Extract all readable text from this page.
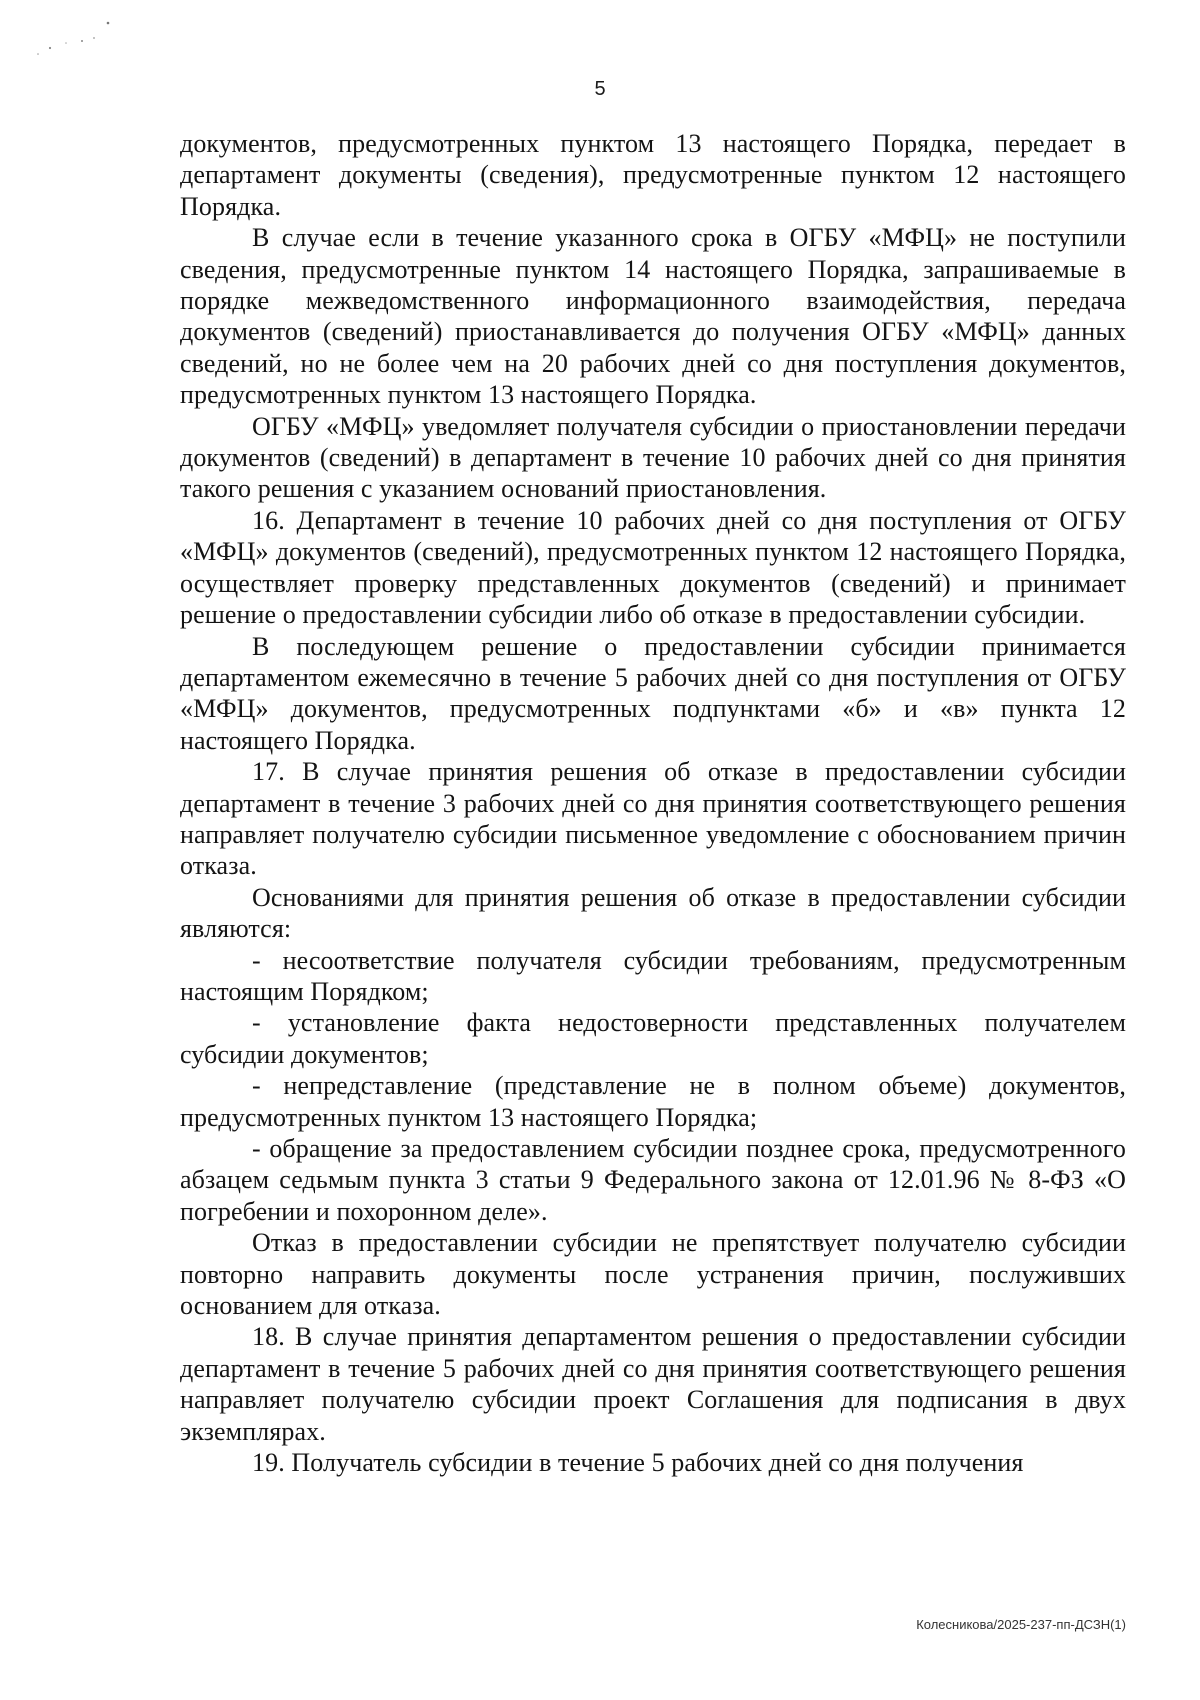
5

документов, предусмотренных пунктом 13 настоящего Порядка, передает в департамент документы (сведения), предусмотренные пунктом 12 настоящего Порядка.

В случае если в течение указанного срока в ОГБУ «МФЦ» не поступили сведения, предусмотренные пунктом 14 настоящего Порядка, запрашиваемые в порядке межведомственного информационного взаимодействия, передача документов (сведений) приостанавливается до получения ОГБУ «МФЦ» данных сведений, но не более чем на 20 рабочих дней со дня поступления документов, предусмотренных пунктом 13 настоящего Порядка.

ОГБУ «МФЦ» уведомляет получателя субсидии о приостановлении передачи документов (сведений) в департамент в течение 10 рабочих дней со дня принятия такого решения с указанием оснований приостановления.

16. Департамент в течение 10 рабочих дней со дня поступления от ОГБУ «МФЦ» документов (сведений), предусмотренных пунктом 12 настоящего Порядка, осуществляет проверку представленных документов (сведений) и принимает решение о предоставлении субсидии либо об отказе в предоставлении субсидии.

В последующем решение о предоставлении субсидии принимается департаментом ежемесячно в течение 5 рабочих дней со дня поступления от ОГБУ «МФЦ» документов, предусмотренных подпунктами «б» и «в» пункта 12 настоящего Порядка.

17. В случае принятия решения об отказе в предоставлении субсидии департамент в течение 3 рабочих дней со дня принятия соответствующего решения направляет получателю субсидии письменное уведомление с обоснованием причин отказа.

Основаниями для принятия решения об отказе в предоставлении субсидии являются:

- несоответствие получателя субсидии требованиям, предусмотренным настоящим Порядком;

- установление факта недостоверности представленных получателем субсидии документов;

- непредставление (представление не в полном объеме) документов, предусмотренных пунктом 13 настоящего Порядка;

- обращение за предоставлением субсидии позднее срока, предусмотренного абзацем седьмым пункта 3 статьи 9 Федерального закона от 12.01.96 № 8-ФЗ «О погребении и похоронном деле».

Отказ в предоставлении субсидии не препятствует получателю субсидии повторно направить документы после устранения причин, послуживших основанием для отказа.

18. В случае принятия департаментом решения о предоставлении субсидии департамент в течение 5 рабочих дней со дня принятия соответствующего решения направляет получателю субсидии проект Соглашения для подписания в двух экземплярах.

19. Получатель субсидии в течение 5 рабочих дней со дня получения

Колесникова/2025-237-пп-ДСЗН(1)
